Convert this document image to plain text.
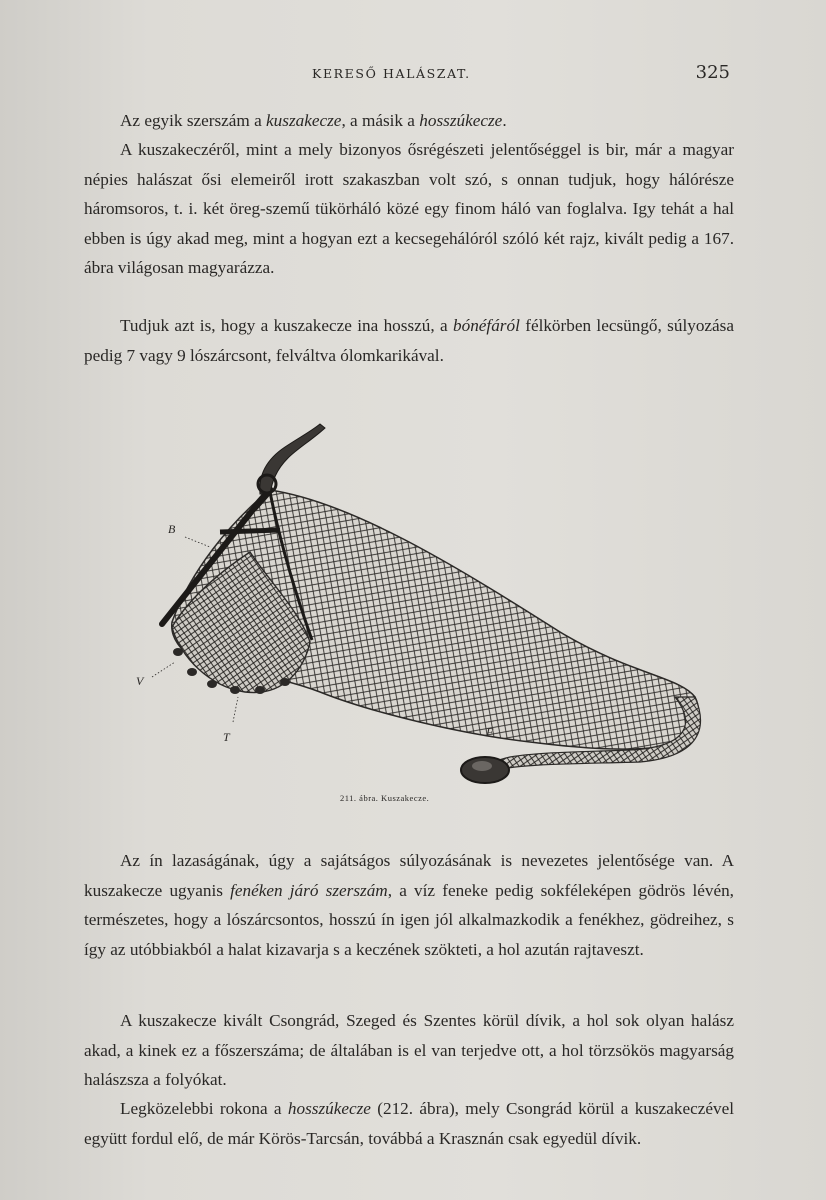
KERESŐ HALÁSZAT.	325

Az egyik szerszám a kuszakecze, a másik a hosszúkecze.

A kuszakeczéről, mint a mely bizonyos ősrégészeti jelentőséggel is bir, már a magyar népies halászat ősi elemeiről irott szakaszban volt szó, s onnan tudjuk, hogy hálórésze háromsoros, t. i. két öreg-szemű tükörháló közé egy finom háló van foglalva. Igy tehát a hal ebben is úgy akad meg, mint a hogyan ezt a kecsegehálóról szóló két rajz, kivált pedig a 167. ábra világosan magyarázza.

Tudjuk azt is, hogy a kuszakecze ina hosszú, a bónéfáról félkörben lecsüngő, súlyozása pedig 7 vagy 9 lószárcsont, felváltva ólomkarikával.

B
V
T	F
211. ábra. Kuszakecze.

Az ín lazaságának, úgy a sajátságos súlyozásának is nevezetes jelentősége van. A kuszakecze ugyanis fenéken járó szerszám, a víz feneke pedig sokféleképen gödrös lévén, természetes, hogy a lószárcsontos, hosszú ín igen jól alkalmazkodik a fenékhez, gödreihez, s így az utóbbiakból a halat kizavarja s a keczének szökteti, a hol azután rajtaveszt.

A kuszakecze kivált Csongrád, Szeged és Szentes körül dívik, a hol sok olyan halász akad, a kinek ez a főszerszáma; de általában is el van terjedve ott, a hol törzsökös magyarság halászsza a folyókat.

Legközelebbi rokona a hosszúkecze (212. ábra), mely Csongrád körül a kuszakeczével együtt fordul elő, de már Körös-Tarcsán, továbbá a Krasznán csak egyedül dívik.
